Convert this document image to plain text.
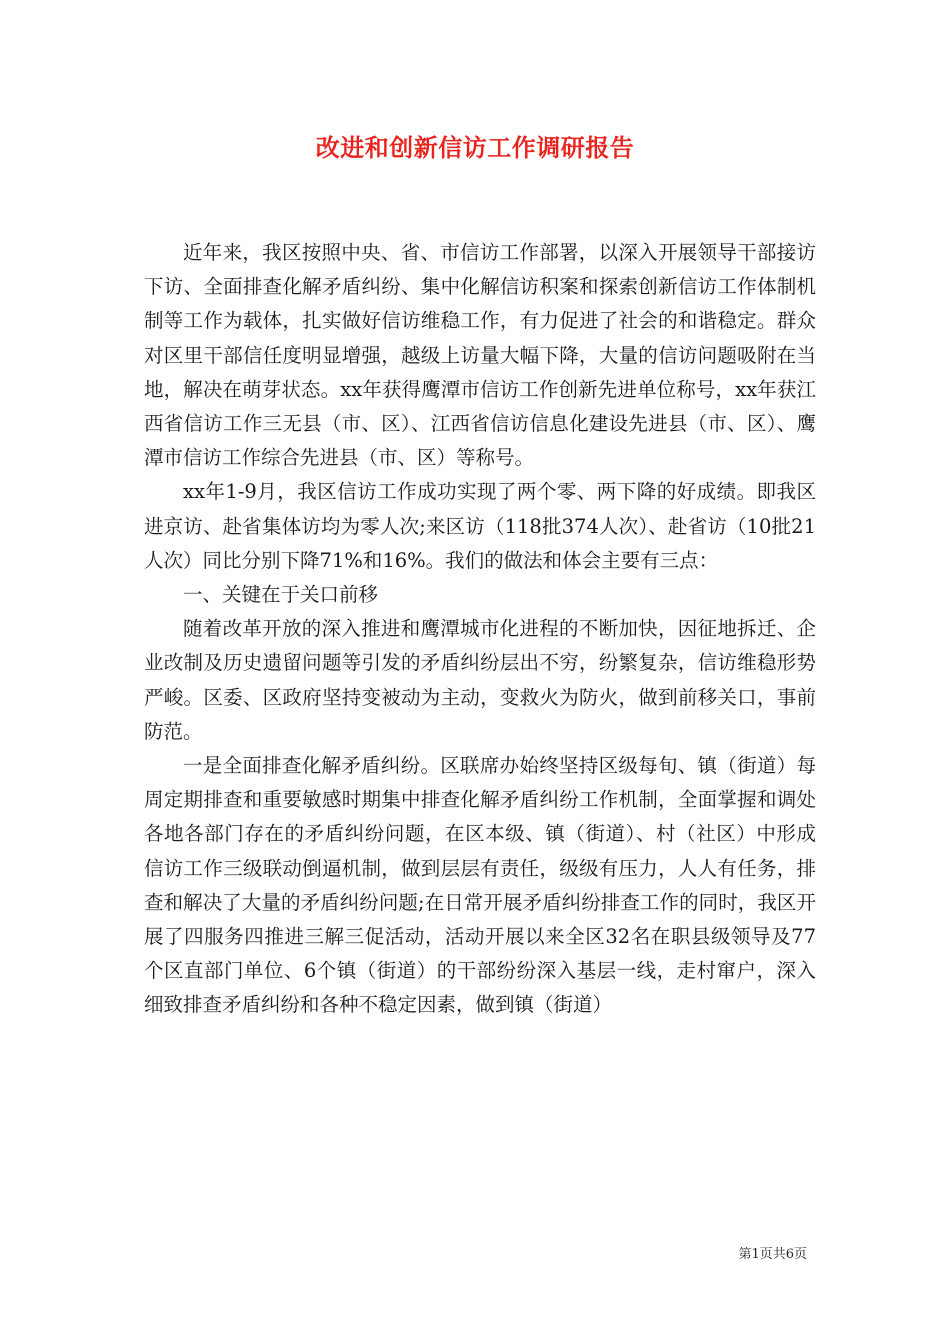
改进和创新信访工作调研报告

近年来，我区按照中央、省、市信访工作部署，以深入开展领导干部接访下访、全面排查化解矛盾纠纷、集中化解信访积案和探索创新信访工作体制机制等工作为载体，扎实做好信访维稳工作，有力促进了社会的和谐稳定。群众对区里干部信任度明显增强，越级上访量大幅下降，大量的信访问题吸附在当地，解决在萌芽状态。xx年获得鹰潭市信访工作创新先进单位称号，xx年获江西省信访工作三无县（市、区）、江西省信访信息化建设先进县（市、区）、鹰潭市信访工作综合先进县（市、区）等称号。

xx年1-9月，我区信访工作成功实现了两个零、两下降的好成绩。即我区进京访、赴省集体访均为零人次;来区访（118批374人次）、赴省访（10批21人次）同比分别下降71%和16%。我们的做法和体会主要有三点：

一、关键在于关口前移

随着改革开放的深入推进和鹰潭城市化进程的不断加快，因征地拆迁、企业改制及历史遗留问题等引发的矛盾纠纷层出不穷，纷繁复杂，信访维稳形势严峻。区委、区政府坚持变被动为主动，变救火为防火，做到前移关口，事前防范。

一是全面排查化解矛盾纠纷。区联席办始终坚持区级每旬、镇（街道）每周定期排查和重要敏感时期集中排查化解矛盾纠纷工作机制，全面掌握和调处各地各部门存在的矛盾纠纷问题，在区本级、镇（街道）、村（社区）中形成信访工作三级联动倒逼机制，做到层层有责任，级级有压力，人人有任务，排查和解决了大量的矛盾纠纷问题;在日常开展矛盾纠纷排查工作的同时，我区开展了四服务四推进三解三促活动，活动开展以来全区32名在职县级领导及77个区直部门单位、6个镇（街道）的干部纷纷深入基层一线，走村窜户，深入细致排查矛盾纠纷和各种不稳定因素，做到镇（街道）

第1页共6页
